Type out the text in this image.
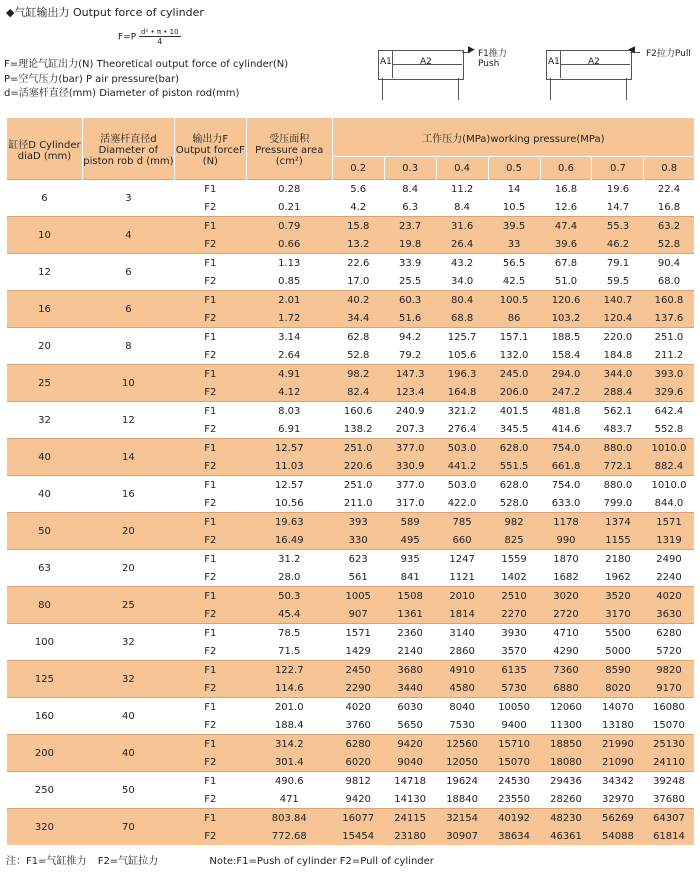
◆气缸输出力 Output force of cylinder
$F=P \frac{\text{d² • π • 10}}{4}$
F=理论气缸出力(N) Theoretical output force of cylinder(N)
P=空气压力(bar) P air pressure(bar)
d=活塞杆直径(mm) Diameter of piston rod(mm)
▶
A1	A2
F1推力Push
◀
A1	A2
F2拉力Pull
缸径D Cylinder diaD (mm)	活塞杆直径d Diameter of piston rob d (mm)	输出力F Output forceF (N)	受压面积 Pressure area (cm²)	工作压力(MPa)working pressure(MPa)						
				0.2	0.3	0.4	0.5	0.6	0.7	0.8
6	3	F1	0.28	5.6	8.4	11.2	14	16.8	19.6	22.4
		F2	0.21	4.2	6.3	8.4	10.5	12.6	14.7	16.8
10	4	F1	0.79	15.8	23.7	31.6	39.5	47.4	55.3	63.2
		F2	0.66	13.2	19.8	26.4	33	39.6	46.2	52.8
12	6	F1	1.13	22.6	33.9	43.2	56.5	67.8	79.1	90.4
		F2	0.85	17.0	25.5	34.0	42.5	51.0	59.5	68.0
16	6	F1	2.01	40.2	60.3	80.4	100.5	120.6	140.7	160.8
		F2	1.72	34.4	51.6	68.8	86	103.2	120.4	137.6
20	8	F1	3.14	62.8	94.2	125.7	157.1	188.5	220.0	251.0
		F2	2.64	52.8	79.2	105.6	132.0	158.4	184.8	211.2
25	10	F1	4.91	98.2	147.3	196.3	245.0	294.0	344.0	393.0
		F2	4.12	82.4	123.4	164.8	206.0	247.2	288.4	329.6
32	12	F1	8.03	160.6	240.9	321.2	401.5	481.8	562.1	642.4
		F2	6.91	138.2	207.3	276.4	345.5	414.6	483.7	552.8
40	14	F1	12.57	251.0	377.0	503.0	628.0	754.0	880.0	1010.0
		F2	11.03	220.6	330.9	441.2	551.5	661.8	772.1	882.4
40	16	F1	12.57	251.0	377.0	503.0	628.0	754.0	880.0	1010.0
		F2	10.56	211.0	317.0	422.0	528.0	633.0	799.0	844.0
50	20	F1	19.63	393	589	785	982	1178	1374	1571
		F2	16.49	330	495	660	825	990	1155	1319
63	20	F1	31.2	623	935	1247	1559	1870	2180	2490
		F2	28.0	561	841	1121	1402	1682	1962	2240
80	25	F1	50.3	1005	1508	2010	2510	3020	3520	4020
		F2	45.4	907	1361	1814	2270	2720	3170	3630
100	32	F1	78.5	1571	2360	3140	3930	4710	5500	6280
		F2	71.5	1429	2140	2860	3570	4290	5000	5720
125	32	F1	122.7	2450	3680	4910	6135	7360	8590	9820
		F2	114.6	2290	3440	4580	5730	6880	8020	9170
160	40	F1	201.0	4020	6030	8040	10050	12060	14070	16080
		F2	188.4	3760	5650	7530	9400	11300	13180	15070
200	40	F1	314.2	6280	9420	12560	15710	18850	21990	25130
		F2	301.4	6020	9040	12050	15070	18080	21090	24110
250	50	F1	490.6	9812	14718	19624	24530	29436	34342	39248
		F2	471	9420	14130	18840	23550	28260	32970	37680
320	70	F1	803.84	16077	24115	32154	40192	48230	56269	64307
		F2	772.68	15454	23180	30907	38634	46361	54088	61814
注：F1=气缸推力 F2=气缸拉力	Note:F1=Push of cylinder F2=Pull of cylinder
